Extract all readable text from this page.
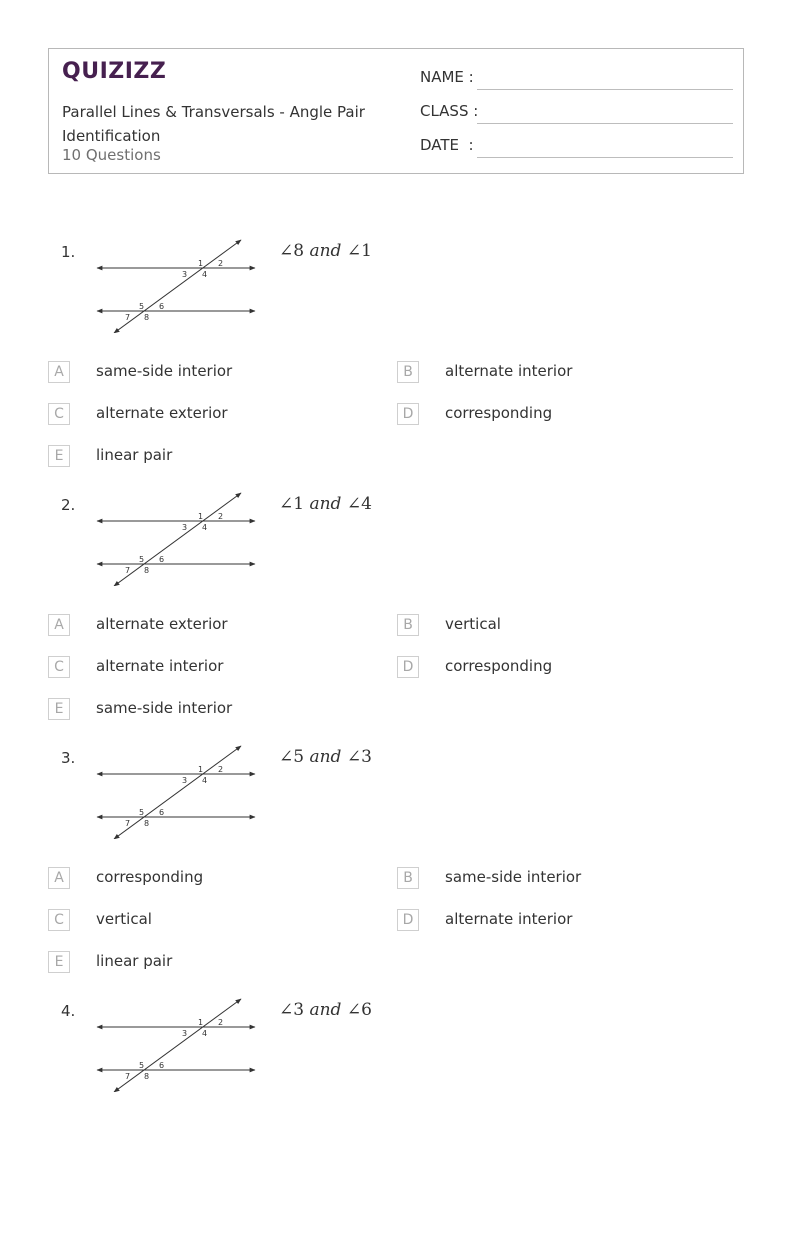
QUIZIZZ
Parallel Lines & Transversals - Angle Pair Identification
10 Questions
NAME :
CLASS :
DATE  :
1.
1 2
3 4
5 6
7 8
∠8 and ∠1
A	same-side interior	B	alternate interior
C	alternate exterior	D	corresponding
E	linear pair
2.
1 2
3 4
5 6
7 8
∠1 and ∠4
A	alternate exterior	B	vertical
C	alternate interior	D	corresponding
E	same-side interior
3.
1 2
3 4
5 6
7 8
∠5 and ∠3
A	corresponding	B	same-side interior
C	vertical	D	alternate interior
E	linear pair
4.
1 2
3 4
5 6
7 8
∠3 and ∠6
